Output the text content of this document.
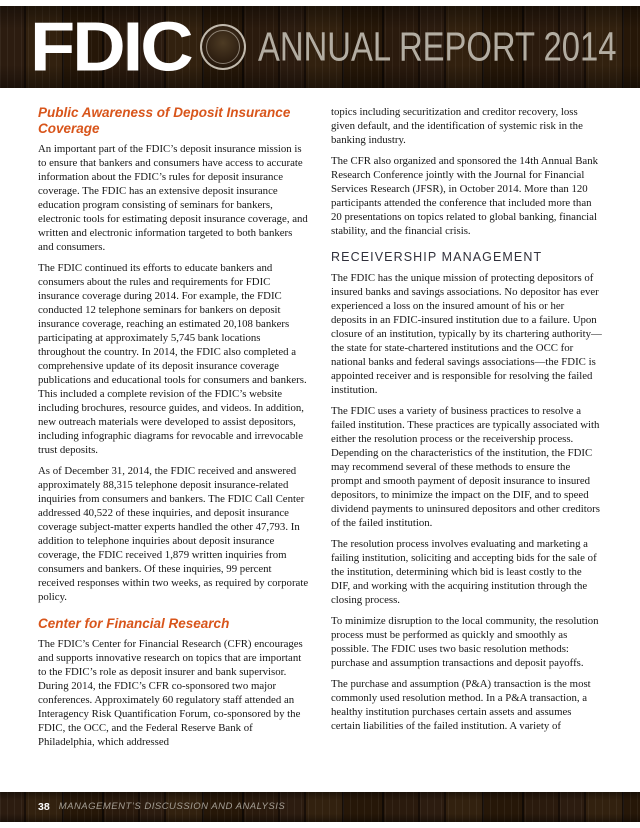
FDIC ANNUAL REPORT 2014
Public Awareness of Deposit Insurance Coverage

An important part of the FDIC’s deposit insurance mission is to ensure that bankers and consumers have access to accurate information about the FDIC’s rules for deposit insurance coverage. The FDIC has an extensive deposit insurance education program consisting of seminars for bankers, electronic tools for estimating deposit insurance coverage, and written and electronic information targeted to both bankers and consumers.

The FDIC continued its efforts to educate bankers and consumers about the rules and requirements for FDIC insurance coverage during 2014. For example, the FDIC conducted 12 telephone seminars for bankers on deposit insurance coverage, reaching an estimated 20,108 bankers participating at approximately 5,745 bank locations throughout the country. In 2014, the FDIC also completed a comprehensive update of its deposit insurance coverage publications and educational tools for consumers and bankers. This included a complete revision of the FDIC’s website including brochures, resource guides, and videos. In addition, new outreach materials were developed to assist depositors, including infographic diagrams for revocable and irrevocable trust deposits.

As of December 31, 2014, the FDIC received and answered approximately 88,315 telephone deposit insurance-related inquiries from consumers and bankers. The FDIC Call Center addressed 40,522 of these inquiries, and deposit insurance coverage subject-matter experts handled the other 47,793. In addition to telephone inquiries about deposit insurance coverage, the FDIC received 1,879 written inquiries from consumers and bankers. Of these inquiries, 99 percent received responses within two weeks, as required by corporate policy.

Center for Financial Research

The FDIC’s Center for Financial Research (CFR) encourages and supports innovative research on topics that are important to the FDIC’s role as deposit insurer and bank supervisor. During 2014, the FDIC’s CFR co-sponsored two major conferences. Approximately 60 regulatory staff attended an Interagency Risk Quantification Forum, co-sponsored by the FDIC, the OCC, and the Federal Reserve Bank of Philadelphia, which addressed

topics including securitization and creditor recovery, loss given default, and the identification of systemic risk in the banking industry.

The CFR also organized and sponsored the 14th Annual Bank Research Conference jointly with the Journal for Financial Services Research (JFSR), in October 2014. More than 120 participants attended the conference that included more than 20 presentations on topics related to global banking, financial stability, and the financial crisis.

RECEIVERSHIP MANAGEMENT

The FDIC has the unique mission of protecting depositors of insured banks and savings associations. No depositor has ever experienced a loss on the insured amount of his or her deposits in an FDIC-insured institution due to a failure. Upon closure of an institution, typically by its chartering authority—the state for state-chartered institutions and the OCC for national banks and federal savings associations—the FDIC is appointed receiver and is responsible for resolving the failed institution.

The FDIC uses a variety of business practices to resolve a failed institution. These practices are typically associated with either the resolution process or the receivership process. Depending on the characteristics of the institution, the FDIC may recommend several of these methods to ensure the prompt and smooth payment of deposit insurance to insured depositors, to minimize the impact on the DIF, and to speed dividend payments to uninsured depositors and other creditors of the failed institution.

The resolution process involves evaluating and marketing a failing institution, soliciting and accepting bids for the sale of the institution, determining which bid is least costly to the DIF, and working with the acquiring institution through the closing process.

To minimize disruption to the local community, the resolution process must be performed as quickly and smoothly as possible. The FDIC uses two basic resolution methods: purchase and assumption transactions and deposit payoffs.

The purchase and assumption (P&A) transaction is the most commonly used resolution method. In a P&A transaction, a healthy institution purchases certain assets and assumes certain liabilities of the failed institution. A variety of

38 MANAGEMENT’S DISCUSSION AND ANALYSIS
